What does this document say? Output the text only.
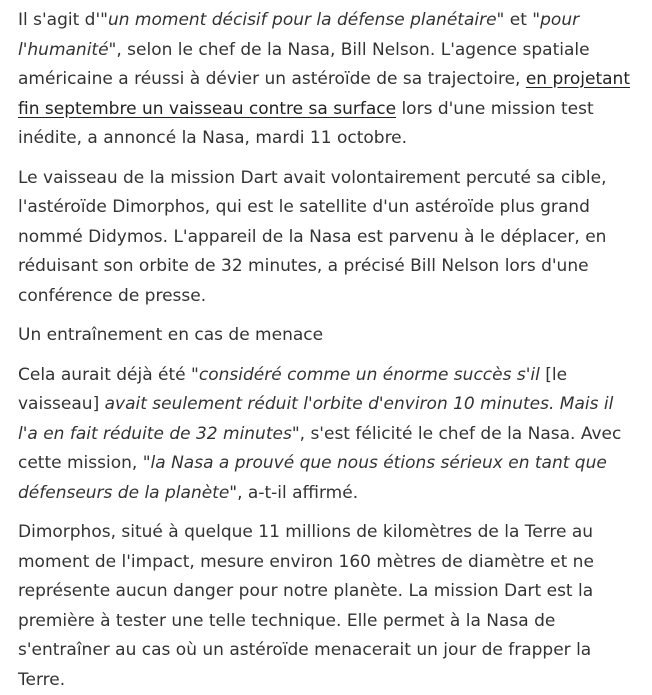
Il s'agit d'"un moment décisif pour la défense planétaire" et "pour l'humanité", selon le chef de la Nasa, Bill Nelson. L'agence spatiale américaine a réussi à dévier un astéroïde de sa trajectoire, en projetant fin septembre un vaisseau contre sa surface lors d'une mission test inédite, a annoncé la Nasa, mardi 11 octobre.

Le vaisseau de la mission Dart avait volontairement percuté sa cible, l'astéroïde Dimorphos, qui est le satellite d'un astéroïde plus grand nommé Didymos. L'appareil de la Nasa est parvenu à le déplacer, en réduisant son orbite de 32 minutes, a précisé Bill Nelson lors d'une conférence de presse.

Un entraînement en cas de menace

Cela aurait déjà été "considéré comme un énorme succès s'il [le vaisseau] avait seulement réduit l'orbite d'environ 10 minutes. Mais il l'a en fait réduite de 32 minutes", s'est félicité le chef de la Nasa. Avec cette mission, "la Nasa a prouvé que nous étions sérieux en tant que défenseurs de la planète", a-t-il affirmé.

Dimorphos, situé à quelque 11 millions de kilomètres de la Terre au moment de l'impact, mesure environ 160 mètres de diamètre et ne représente aucun danger pour notre planète. La mission Dart est la première à tester une telle technique. Elle permet à la Nasa de s'entraîner au cas où un astéroïde menacerait un jour de frapper la Terre.
